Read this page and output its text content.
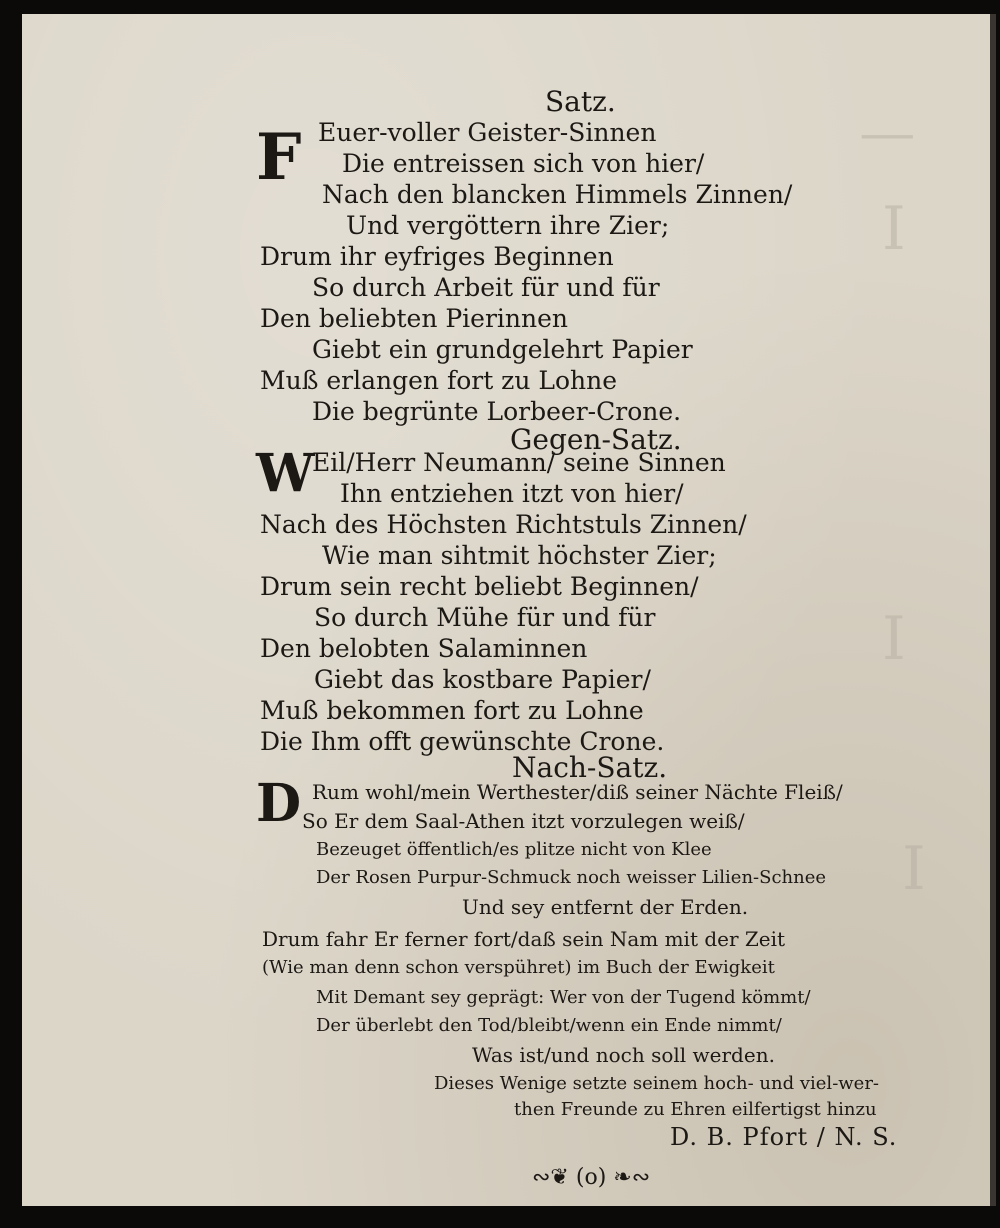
▁▁▁
I
I
I
Satz.
F Euer-voller Geister-Sinnen
Die entreissen sich von hier/
Nach den blancken Himmels Zinnen/
Und vergöttern ihre Zier;
Drum ihr eyfriges Beginnen
So durch Arbeit für und für
Den beliebten Pierinnen
Giebt ein grundgelehrt Papier
Muß erlangen fort zu Lohne
Die begrünte Lorbeer-Crone.
Gegen-Satz.
W
Eil/Herr Neumann/ seine Sinnen
Ihn entziehen itzt von hier/
Nach des Höchsten Richtstuls Zinnen/
Wie man sihtmit höchster Zier;
Drum sein recht beliebt Beginnen/
So durch Mühe für und für
Den belobten Salaminnen
Giebt das kostbare Papier/
Muß bekommen fort zu Lohne
Die Ihm offt gewünschte Crone.
Nach-Satz.
D Rum wohl/mein Werthester/diß seiner Nächte Fleiß/
So Er dem Saal-Athen itzt vorzulegen weiß/
Bezeuget öffentlich/es plitze nicht von Klee
Der Rosen Purpur-Schmuck noch weisser Lilien-Schnee
Und sey entfernt der Erden.
Drum fahr Er ferner fort/daß sein Nam mit der Zeit
(Wie man denn schon verspühret) im Buch der Ewigkeit
Mit Demant sey geprägt: Wer von der Tugend kömmt/
Der überlebt den Tod/bleibt/wenn ein Ende nimmt/
Was ist/und noch soll werden.
Dieses Wenige setzte seinem hoch- und viel-wer-
then Freunde zu Ehren eilfertigst hinzu
D. B. Pfort / N. S.
∾❦ (o) ❧∾
